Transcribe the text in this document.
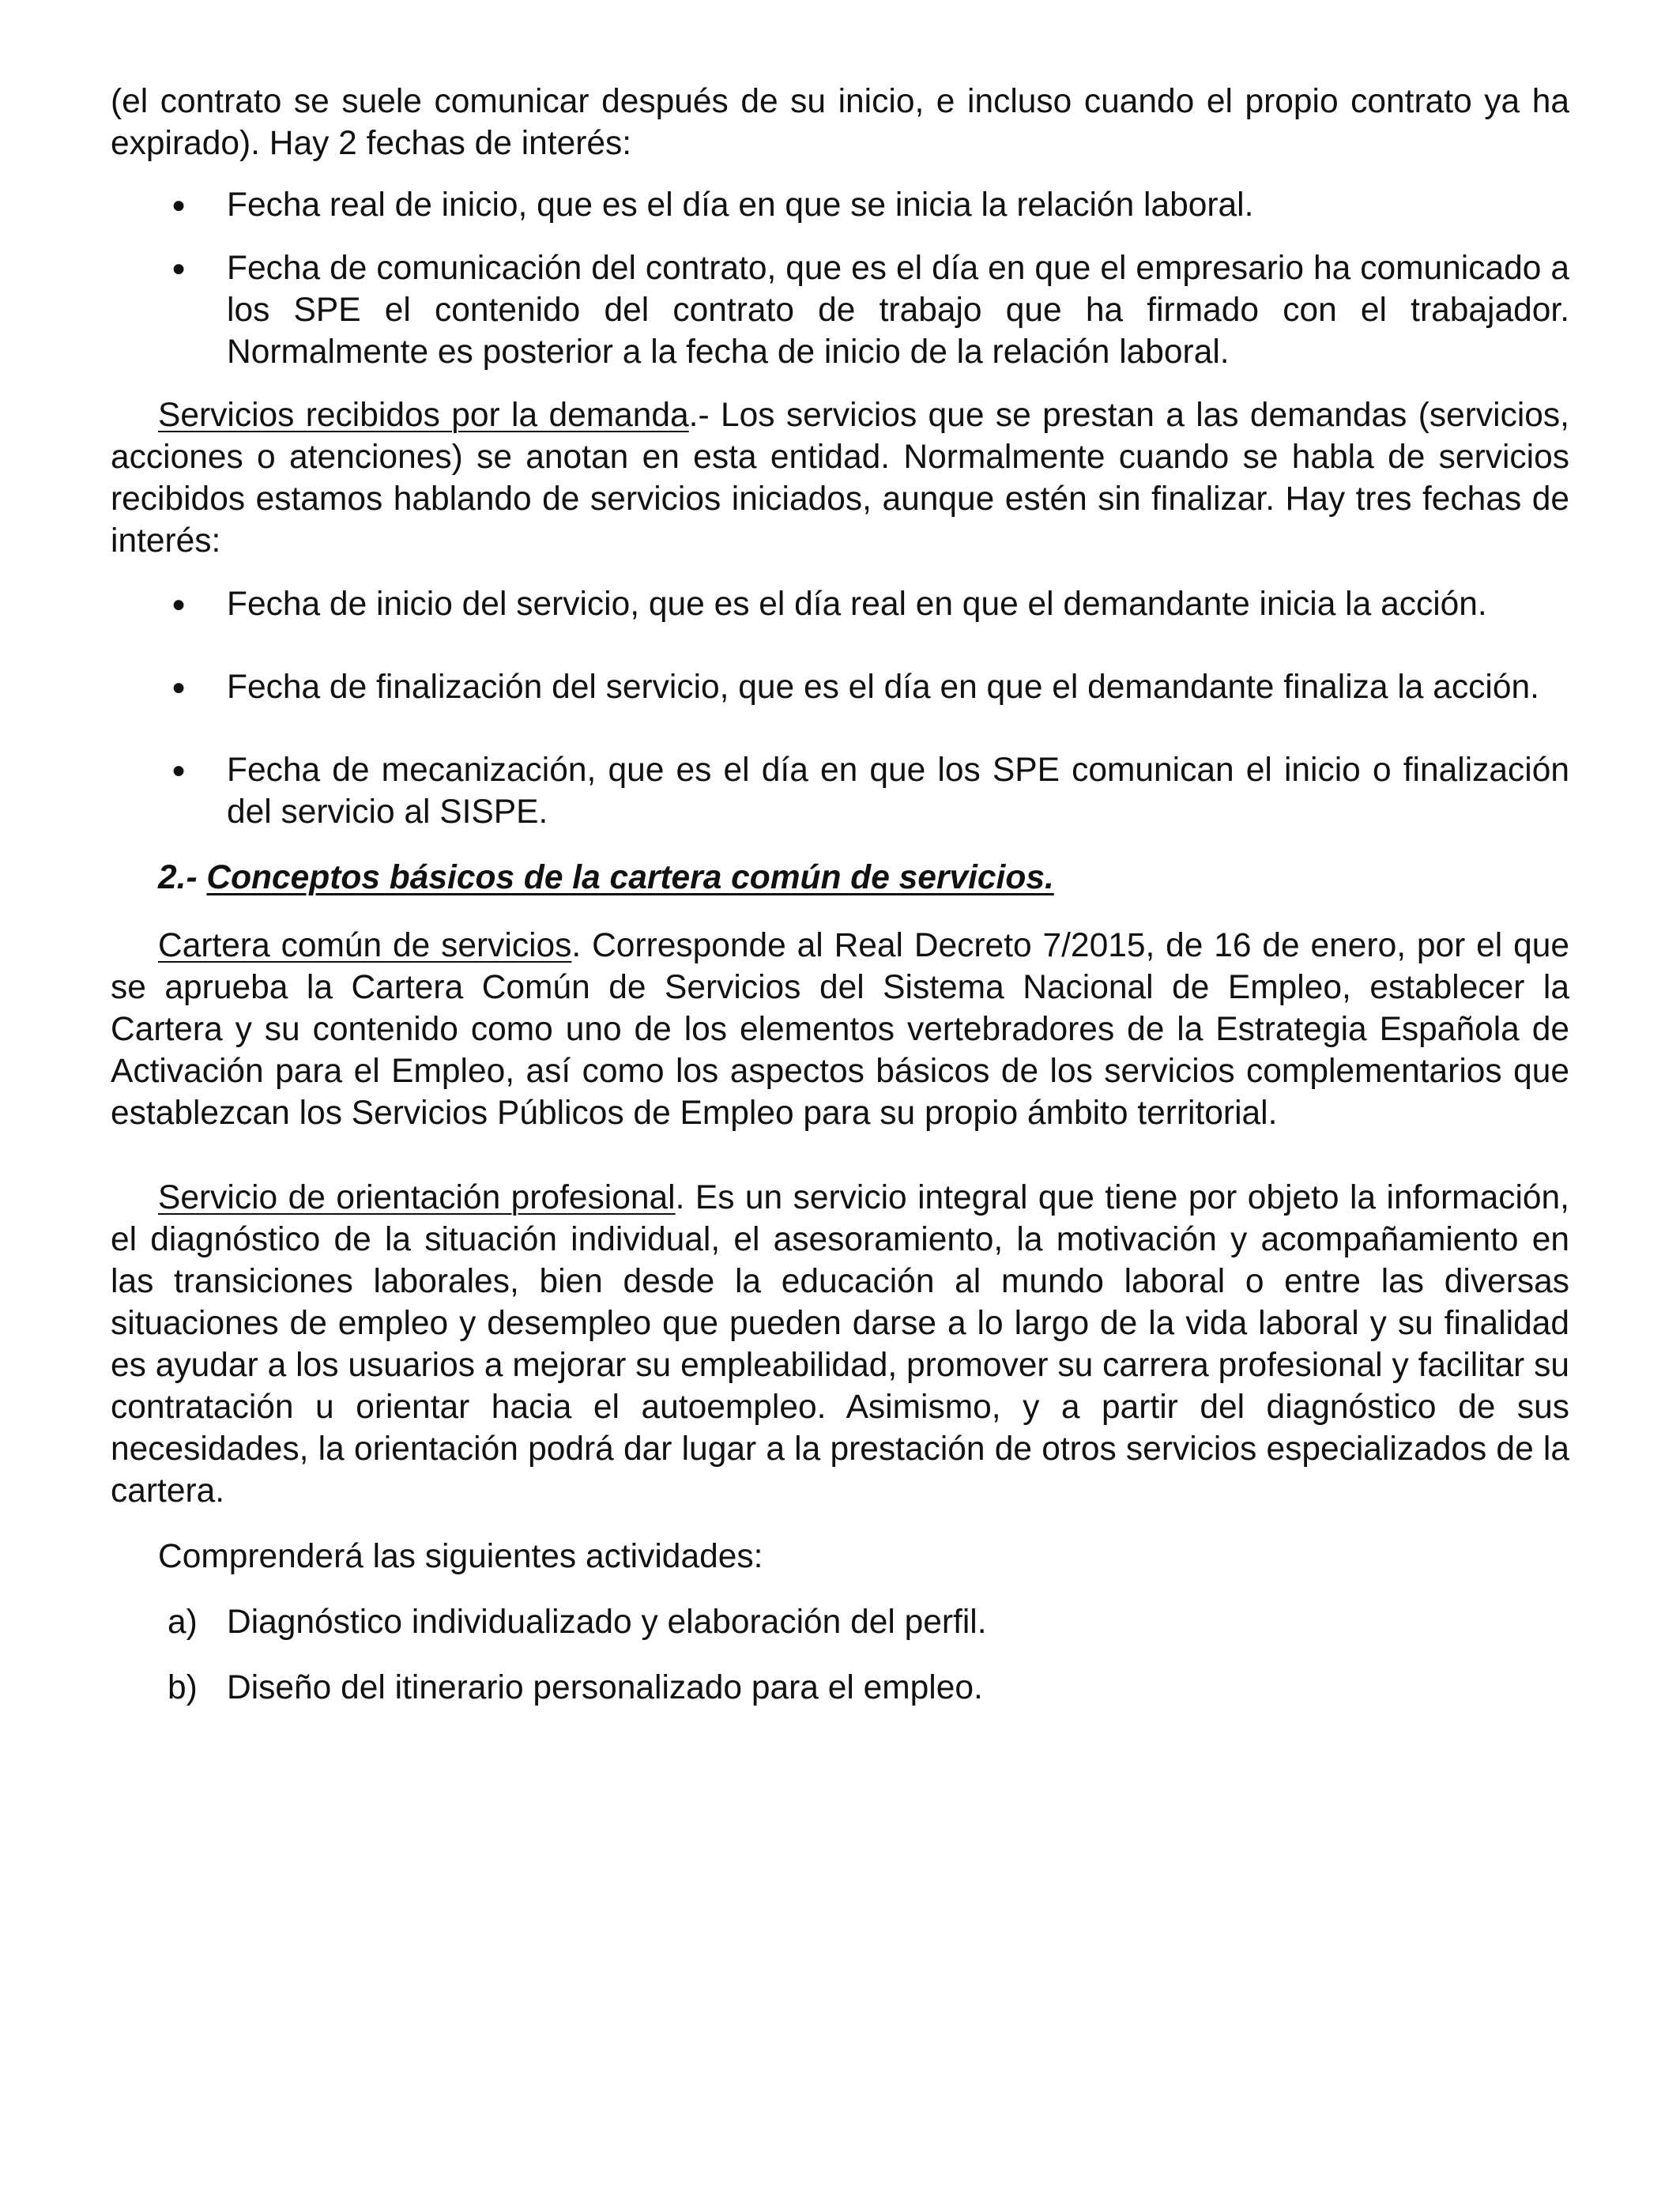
(el contrato se suele comunicar después de su inicio, e incluso cuando el propio contrato ya ha expirado). Hay 2 fechas de interés:

● Fecha real de inicio, que es el día en que se inicia la relación laboral.
● Fecha de comunicación del contrato, que es el día en que el empresario ha comunicado a los SPE el contenido del contrato de trabajo que ha firmado con el trabajador. Normalmente es posterior a la fecha de inicio de la relación laboral.

Servicios recibidos por la demanda.- Los servicios que se prestan a las demandas (servicios, acciones o atenciones) se anotan en esta entidad. Normalmente cuando se habla de servicios recibidos estamos hablando de servicios iniciados, aunque estén sin finalizar. Hay tres fechas de interés:

● Fecha de inicio del servicio, que es el día real en que el demandante inicia la acción.
● Fecha de finalización del servicio, que es el día en que el demandante finaliza la acción.
● Fecha de mecanización, que es el día en que los SPE comunican el inicio o finalización del servicio al SISPE.

2.- Conceptos básicos de la cartera común de servicios.

Cartera común de servicios. Corresponde al Real Decreto 7/2015, de 16 de enero, por el que se aprueba la Cartera Común de Servicios del Sistema Nacional de Empleo, establecer la Cartera y su contenido como uno de los elementos vertebradores de la Estrategia Española de Activación para el Empleo, así como los aspectos básicos de los servicios complementarios que establezcan los Servicios Públicos de Empleo para su propio ámbito territorial.

Servicio de orientación profesional. Es un servicio integral que tiene por objeto la información, el diagnóstico de la situación individual, el asesoramiento, la motivación y acompañamiento en las transiciones laborales, bien desde la educación al mundo laboral o entre las diversas situaciones de empleo y desempleo que pueden darse a lo largo de la vida laboral y su finalidad es ayudar a los usuarios a mejorar su empleabilidad, promover su carrera profesional y facilitar su contratación u orientar hacia el autoempleo. Asimismo, y a partir del diagnóstico de sus necesidades, la orientación podrá dar lugar a la prestación de otros servicios especializados de la cartera.

Comprenderá las siguientes actividades:

a) Diagnóstico individualizado y elaboración del perfil.
b) Diseño del itinerario personalizado para el empleo.
